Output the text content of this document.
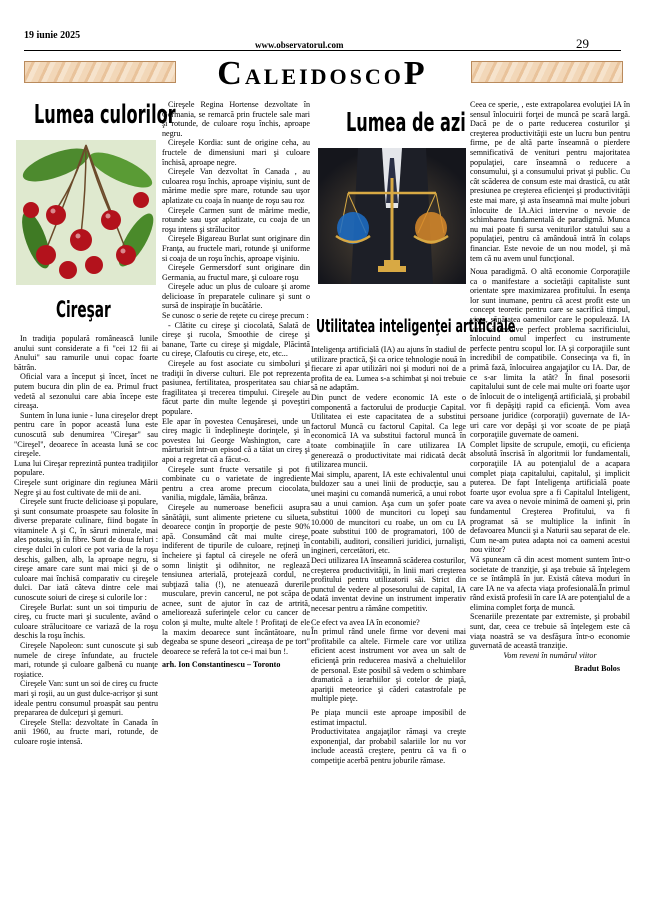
19 iunie 2025
www.observatorul.com	29
CALEIDOSCOP
Lumea culorilor
Cireşar

In tradiţia populară româneascǎ lunile anului sunt considerate a fi "cei 12 fii ai Anului" sau ramurile unui copac foarte bătrân.

Oficial vara a început şi încet, încet ne putem bucura din plin de ea. Primul fruct vedetă al sezonului care abia începe este cireaşa.

Suntem în luna iunie - luna cireşelor drept pentru care în popor această luna este cunoscută sub denumirea "Cireşar" sau "Cireşel", deoarece în aceasta lună se coc cireşele.

Luna lui Cireşar reprezintă puntea tradiţiilor populare.

Cireşele sunt originare din regiunea Mării Negre şi au fost cultivate de mii de ani.

Cireşele sunt fructe delicioase şi populare, şi sunt consumate proaspete sau folosite în diverse preparate culinare, fiind bogate în vitaminele A şi C, în săruri minerale, mai ales potasiu, şi în fibre. Sunt de doua feluri : cireşe dulci în culori ce pot varia de la roşu deschis, galben, alb, la aproape negru, si cireşe amare care sunt mai mici şi de o culoare mai închisă comparativ cu cireşele dulci. Dar iată câteva dintre cele mai cunoscute soiuri de cireşe si culorile lor :

Cireşele Burlat: sunt un soi timpuriu de cireş, cu fructe mari şi suculente, având o culoare strălucitoare ce variază de la roşu deschis la roşu închis.

Cireşele Napoleon: sunt cunoscute şi sub numele de cireşe înfundate, au fructele mari, rotunde şi culoare galbenă cu nuanţe roşiatice.

Cireşele Van: sunt un soi de cireş cu fructe mari şi roşii, au un gust dulce-acrişor şi sunt ideale pentru consumul proaspăt sau pentru prepararea de dulceţuri şi gemuri.

Cireşele Stella: dezvoltate în Canada în anii 1960, au fructe mari, rotunde, de culoare roşie intensă.

Cireşele Regina Hortense dezvoltate în Germania, se remarcă prin fructele sale mari şi rotunde, de culoare roşu închis, aproape negru.

Cireşele Kordia: sunt de origine ceha, au fructele de dimensiuni mari şi culoare închisă, aproape negre.

Cireşele Van dezvoltat în Canada , au culoarea roşu închis, aproape vişiniu, sunt de mărime medie spre mare, rotunde sau uşor aplatizate cu coaja în nuanţe de roşu sau roz

Cireşele Carmen sunt de mărime medie, rotunde sau uşor aplatizate, cu coaja de un roşu intens şi strălucitor

Cireşele Bigareau Burlat sunt originare din Franţa, au fructele mari, rotunde şi uniforme si coaja de un roşu închis, aproape vişiniu.

Cireşele Germersdorf sunt originare din Germania, au fructul mare, şi culoare roşu

Cireşele aduc un plus de culoare şi arome delicioase în preparatele culinare şi sunt o sursă de inspiraţie în bucătărie.

Se cunosc o serie de reţete cu cireşe precum :

- Clătite cu cireşe şi ciocolată, Salată de cireşe şi rucola, Smoothie de cireşe şi banane, Tarte cu cireşe şi migdale, Plăcintă cu cireşe, Clafoutis cu cireşe, etc, etc...

Cireşele au fost asociate cu simboluri şi tradiţii în diverse culturi. Ele pot reprezenta pasiunea, fertilitatea, prosperitatea sau chiar fragilitatea şi trecerea timpului. Cireşele au făcut parte din multe legende şi poveştiri populare.

Ele apar în povestea Cenuşăresei, unde un cireş magic îi îndeplineşte dorinţele, şi în povestea lui George Washington, care a mărturisit într-un episod că a tăiat un cireş şi apoi a regretat că a făcut-o.

Cireşele sunt fructe versatile şi pot fi combinate cu o varietate de ingrediente pentru a crea arome precum ciocolata, vanilia, migdale, lămâia, brânza.

Cireşele au numeroase beneficii asupra sănătăţii, sunt alimente prietene cu silueta, deoarece conţin în proporţie de peste 90% apă. Consumând cât mai multe cireşe, indiferent de tipurile de culoare, reţineţi în încheiere şi faptul că cireşele ne oferă un somn liniştit şi odihnitor, ne reglează tensiunea arterială, protejează cordul, ne subţiază talia (!), ne atenuează durerile musculare, previn cancerul, ne pot scăpa de acnee, sunt de ajutor în caz de artrită, ameliorează suferinţele celor cu cancer de colon şi multe, multe altele ! Profitaţi de ele la maxim deoarece sunt încântătoare, nu degeaba se spune deseori „cireaşa de pe tort" deoarece se referă la tot ce-i mai bun !.

arh. Ion Constantinescu – Toronto

Lumea de azi
Utilitatea inteligenţei artificiale

Inteligenţa artificială (IA) au ajuns în stadiul de utilizare practică, Şi ca orice tehnologie nouă în fiecare zi apar utilizări noi şi moduri noi de a profita de ea. Lumea s-a schimbat şi noi trebuie să ne adaptăm.

Din punct de vedere economic IA este o componentă a factorului de producţie Capital. Utilitatea ei este capacitatea de a substitui factorul Muncă cu factorul Capital. Ca lege economică IA va substitui factorul muncă în toate combinaţiile în care utilizarea IA generează o productivitate mai ridicată decât utilizarea muncii.

Mai simplu, aparent, IA este echivalentul unui buldozer sau a unei linii de producţie, sau a unei maşini cu comandă numerică, a unui robot sau a unui camion. Aşa cum un şofer poate substitui 1000 de muncitori cu lopeţi sau 10.000 de muncitori cu roabe, un om cu IA poate substitui 100 de programatori, 100 de contabili, auditori, consilieri juridici, jurnalişti, ingineri, cercetători, etc.

Deci utilizarea IA înseamnă scăderea costurilor, creşterea productivităţii, în linii mari creşterea profitului pentru utilizatorii săi. Strict din punctul de vedere al posesorului de capital, IA odată inventat devine un instrument imperativ necesar pentru a rămâne competitiv.

Ce efect va avea IA în economie?

În primul rând unele firme vor deveni mai profitabile ca altele. Firmele care vor utiliza eficient acest instrument vor avea un salt de eficienţă prin reducerea masivă a cheltuielilor de personal. Este posibil să vedem o schimbare dramatică a ierarhiilor şi cotelor de piaţă, apariţii meteorice şi căderi catastrofale pe multiple pieţe.

Pe piaţa muncii este aproape imposibil de estimat impactul.

Productivitatea angajaţilor rămaşi va creşte exponenţial, dar probabil salariile lor nu vor include această creştere, pentru că va fi o competiţie acerbă pentru joburile rămase.

Ceea ce sperie, , este extrapolarea evoluţiei IA în sensul înlocuirii forţei de muncă pe scară largă. Dacă pe de o parte reducerea costurilor şi creşterea productivităţii este un lucru bun pentru firme, pe de altă parte înseamnă o pierdere semnificativă de venituri pentru majoritatea populaţiei, care înseamnă o reducere a consumului, şi a consumului privat şi public. Cu cât scăderea de consum este mai drastică, cu atât presiunea pe creşterea eficienţei şi productivităţii este mai mare, şi asta înseamnă mai multe joburi înlocuite de IA.Aici intervine o nevoie de schimbarea fundamentală de paradigmă. Munca nu mai poate fi sursa veniturilor statului sau a populaţiei, pentru că amândouă intră în colaps financiar. Este nevoie de un nou model, şi mă tem că nu avem unul funcţional.

Noua paradigmă. O altă economie Corporaţiile ca o manifestare a societăţii capitaliste sunt orientate spre maximizarea profitului. În esenţa lor sunt inumane, pentru că acest profit este un concept teoretic pentru care se sacrifică timpul, viaţa, sănătatea oamenilor care le populează. IA vine să rezolve perfect problema sacrificiului, înlocuind omul imperfect cu instrumente perfecte pentru scopul lor. IA şi corporaţiile sunt incredibil de compatibile. Consecinţa va fi, în primă fază, înlocuirea angajaţilor cu IA. Dar, de ce s-ar limita la atât? În final posesorii capitalului sunt de cele mai multe ori foarte uşor de înlocuit de o inteligenţă artificială, şi probabil vor fi depăşiţi rapid ca eficienţă. Vom avea persoane juridice (corporaţii) guvernate de IA-uri care vor depăşi şi vor scoate de pe piaţă corporaţiile guvernate de oameni.

Complet lipsite de scrupule, emoţii, cu eficienţa absolută înscrisă în algoritmii lor fundamentali, corporaţiile IA au potenţialul de a acapara complet piaţa capitalului, capitalul, şi implicit puterea. De fapt Inteligenţa artificială poate foarte uşor evolua spre a fi Capitalul Inteligent, care va avea o nevoie minimă de oameni şi, prin fundamentul Creşterea Profitului, va fi programat să se multiplice la infinit în defavoarea Muncii şi a Naturii sau separat de ele. Cum ne-am putea adapta noi ca oameni acestui nou viitor?

Vă spuneam că din acest moment suntem într-o societate de tranziţie, şi aşa trebuie să înţelegem ce se întâmplă în jur. Există câteva moduri în care IA ne va afecta viaţa profesională.În primul rând există profesii în care IA are potenţialul de a elimina complet forţa de muncă.

Scenariile prezentate par extremiste, şi probabil sunt, dar, ceea ce trebuie să înţelegem este că viaţa noastră se va desfăşura într-o economie guvernată de această tranziţie.

Vom reveni în numărul viitor

Bradut Bolos
